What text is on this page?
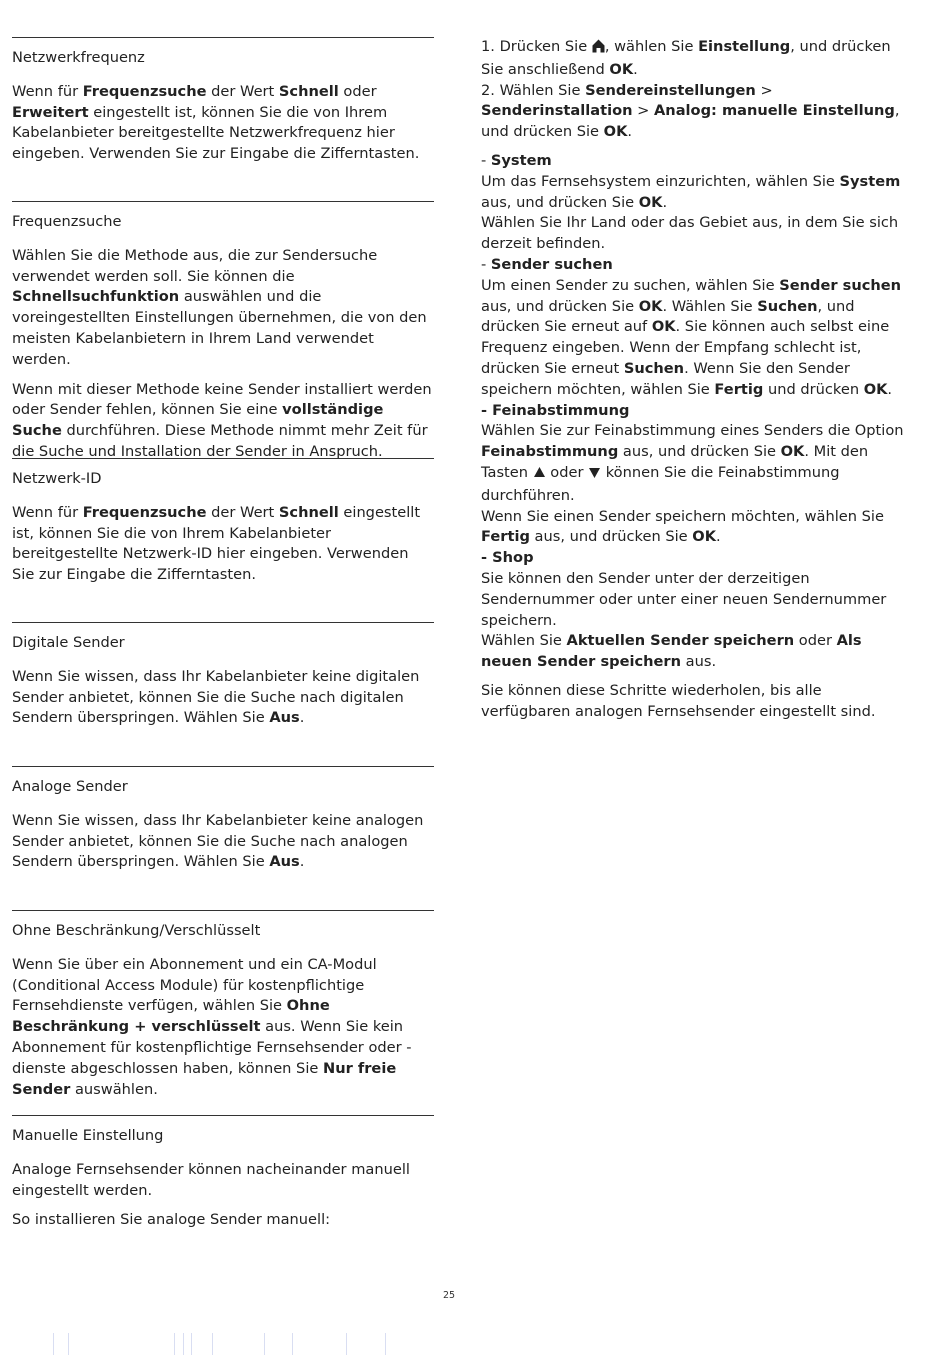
Netzwerkfrequenz

Wenn für Frequenzsuche der Wert Schnell oder Erweitert eingestellt ist, können Sie die von Ihrem Kabelanbieter bereitgestellte Netzwerkfrequenz hier eingeben. Verwenden Sie zur Eingabe die Zifferntasten.

Frequenzsuche

Wählen Sie die Methode aus, die zur Sendersuche verwendet werden soll. Sie können die Schnellsuchfunktion auswählen und die voreingestellten Einstellungen übernehmen, die von den meisten Kabelanbietern in Ihrem Land verwendet werden.

Wenn mit dieser Methode keine Sender installiert werden oder Sender fehlen, können Sie eine vollständige Suche durchführen. Diese Methode nimmt mehr Zeit für die Suche und Installation der Sender in Anspruch.

Netzwerk-ID

Wenn für Frequenzsuche der Wert Schnell eingestellt ist, können Sie die von Ihrem Kabelanbieter bereitgestellte Netzwerk-ID hier eingeben. Verwenden Sie zur Eingabe die Zifferntasten.

Digitale Sender

Wenn Sie wissen, dass Ihr Kabelanbieter keine digitalen Sender anbietet, können Sie die Suche nach digitalen Sendern überspringen. Wählen Sie Aus.

Analoge Sender

Wenn Sie wissen, dass Ihr Kabelanbieter keine analogen Sender anbietet, können Sie die Suche nach analogen Sendern überspringen. Wählen Sie Aus.

Ohne Beschränkung/Verschlüsselt

Wenn Sie über ein Abonnement und ein CA-Modul (Conditional Access Module) für kostenpflichtige Fernsehdienste verfügen, wählen Sie Ohne Beschränkung + verschlüsselt aus. Wenn Sie kein Abonnement für kostenpflichtige Fernsehsender oder -dienste abgeschlossen haben, können Sie Nur freie Sender auswählen.

Manuelle Einstellung

Analoge Fernsehsender können nacheinander manuell eingestellt werden.

So installieren Sie analoge Sender manuell:

1. Drücken Sie , wählen Sie Einstellung, und drücken Sie anschließend OK.
2. Wählen Sie Sendereinstellungen > Senderinstallation > Analog: manuelle Einstellung, und drücken Sie OK.

- System
Um das Fernsehsystem einzurichten, wählen Sie System aus, und drücken Sie OK.
Wählen Sie Ihr Land oder das Gebiet aus, in dem Sie sich derzeit befinden.
- Sender suchen
Um einen Sender zu suchen, wählen Sie Sender suchen aus, und drücken Sie OK. Wählen Sie Suchen, und drücken Sie erneut auf OK. Sie können auch selbst eine Frequenz eingeben. Wenn der Empfang schlecht ist, drücken Sie erneut Suchen. Wenn Sie den Sender speichern möchten, wählen Sie Fertig und drücken OK.
- Feinabstimmung
Wählen Sie zur Feinabstimmung eines Senders die Option Feinabstimmung aus, und drücken Sie OK. Mit den Tasten  oder  können Sie die Feinabstimmung durchführen.
Wenn Sie einen Sender speichern möchten, wählen Sie Fertig aus, und drücken Sie OK.
- Shop
Sie können den Sender unter der derzeitigen Sendernummer oder unter einer neuen Sendernummer speichern.
Wählen Sie Aktuellen Sender speichern oder Als neuen Sender speichern aus.

Sie können diese Schritte wiederholen, bis alle verfügbaren analogen Fernsehsender eingestellt sind.

25
